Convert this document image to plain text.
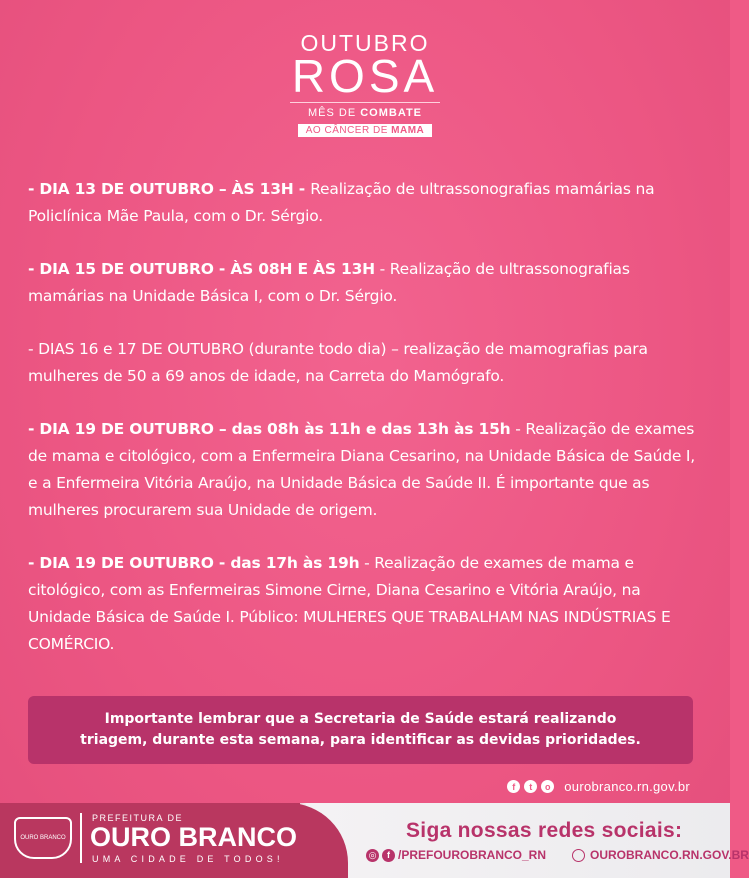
OUTUBRO
ROSA
MÊS DE COMBATE
AO CÂNCER DE MAMA

- DIA 13 DE OUTUBRO – ÀS 13H - Realização de ultrassonografias mamárias na Policlínica Mãe Paula, com o Dr. Sérgio.

- DIA 15 DE OUTUBRO - ÀS 08H E ÀS 13H - Realização de ultrassonografias mamárias na Unidade Básica I, com o Dr. Sérgio.

- DIAS 16 e 17 DE OUTUBRO (durante todo dia) – realização de mamografias para mulheres de 50 a 69 anos de idade, na Carreta do Mamógrafo.

- DIA 19 DE OUTUBRO – das 08h às 11h e das 13h às 15h - Realização de exames de mama e citológico, com a Enfermeira Diana Cesarino, na Unidade Básica de Saúde I, e a Enfermeira Vitória Araújo, na Unidade Básica de Saúde II. É importante que as mulheres procurarem sua Unidade de origem.

- DIA 19 DE OUTUBRO - das 17h às 19h - Realização de exames de mama e citológico, com as Enfermeiras Simone Cirne, Diana Cesarino e Vitória Araújo, na Unidade Básica de Saúde I. Público: MULHERES QUE TRABALHAM NAS INDÚSTRIAS E COMÉRCIO.

Importante lembrar que a Secretaria de Saúde estará realizando triagem, durante esta semana, para identificar as devidas prioridades.
f	t	o ourobranco.rn.gov.br
OURO BRANCO
PREFEITURA DE
OURO BRANCO
UMA CIDADE DE TODOS!
Siga nossas redes sociais:
◎	f /PREFOUROBRANCO_RN	OUROBRANCO.RN.GOV.BR
